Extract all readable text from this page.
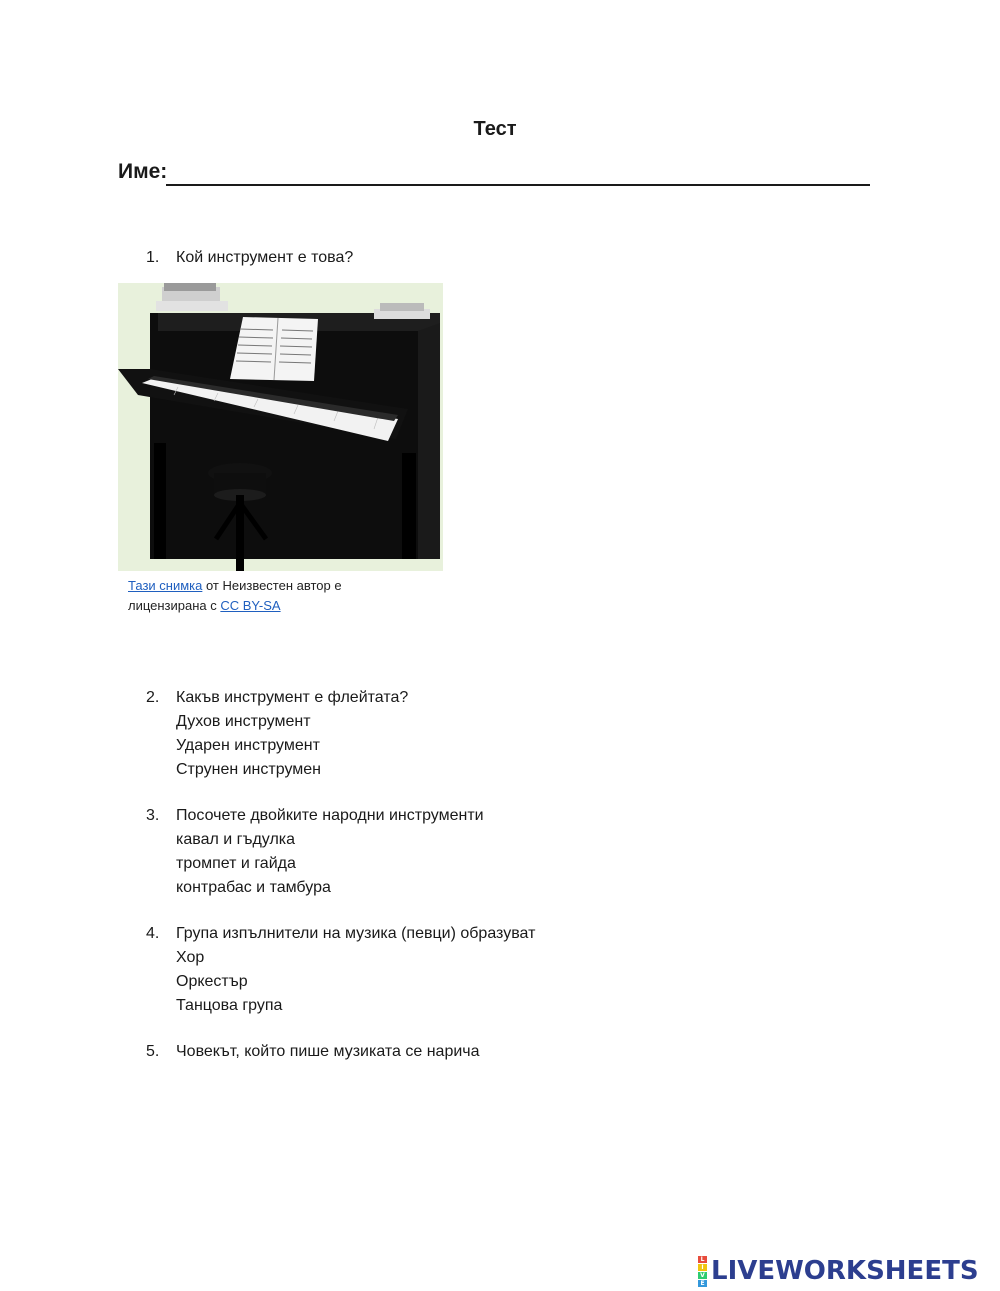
Тест
Име:
1. Кой инструмент е това?
Тази снимка от Неизвестен автор е лицензирана с CC BY-SA
2. Какъв инструмент е флейтата?
Духов инструмент
Ударен инструмент
Струнен инструмен
3. Посочете двойките народни инструменти
кавал и гъдулка
тромпет и гайда
контрабас и тамбура
4. Група изпълнители на музика (певци) образуват
Хор
Оркестър
Танцова група
5. Човекът, който пише музиката се нарича
L
I
V
E LIVEWORKSHEETS
